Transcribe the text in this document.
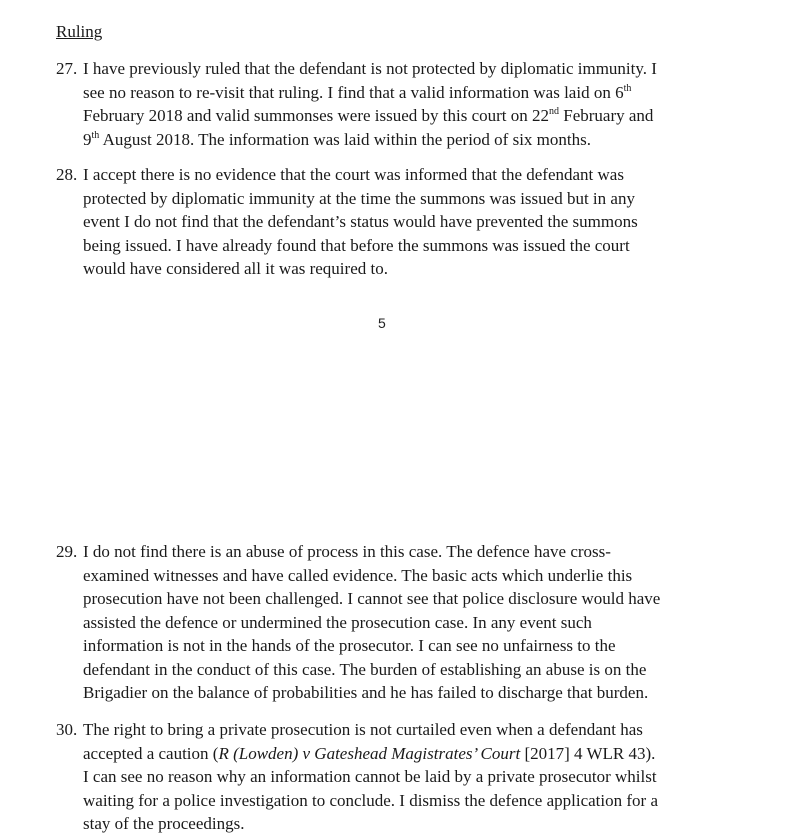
Ruling
27. I have previously ruled that the defendant is not protected by diplomatic immunity. I
see no reason to re-visit that ruling. I find that a valid information was laid on 6th
February 2018 and valid summonses were issued by this court on 22nd February and
9th August 2018. The information was laid within the period of six months.
28. I accept there is no evidence that the court was informed that the defendant was
protected by diplomatic immunity at the time the summons was issued but in any
event I do not find that the defendant’s status would have prevented the summons
being issued. I have already found that before the summons was issued the court
would have considered all it was required to.
5
29. I do not find there is an abuse of process in this case. The defence have cross-
examined witnesses and have called evidence. The basic acts which underlie this
prosecution have not been challenged. I cannot see that police disclosure would have
assisted the defence or undermined the prosecution case. In any event such
information is not in the hands of the prosecutor. I can see no unfairness to the
defendant in the conduct of this case. The burden of establishing an abuse is on the
Brigadier on the balance of probabilities and he has failed to discharge that burden.
30. The right to bring a private prosecution is not curtailed even when a defendant has
accepted a caution (R (Lowden) v Gateshead Magistrates’ Court [2017] 4 WLR 43).
I can see no reason why an information cannot be laid by a private prosecutor whilst
waiting for a police investigation to conclude. I dismiss the defence application for a
stay of the proceedings.
